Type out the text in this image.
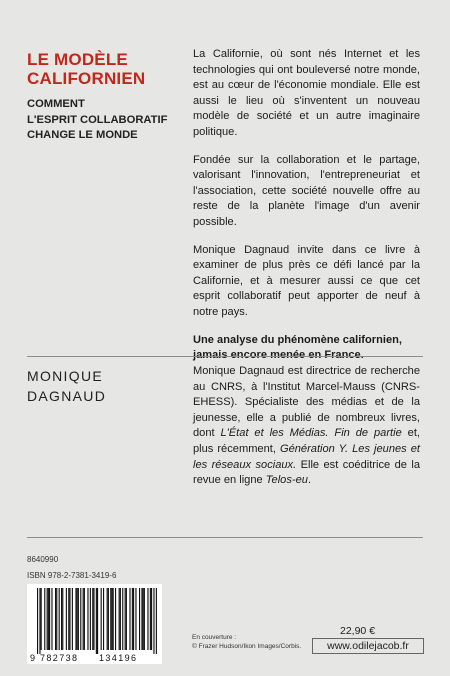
LE MODÈLE
CALIFORNIEN
COMMENT
L'ESPRIT COLLABORATIF
CHANGE LE MONDE

La Californie, où sont nés Internet et les technologies qui ont bouleversé notre monde, est au cœur de l'économie mondiale. Elle est aussi le lieu où s'inventent un nouveau modèle de société et un autre imaginaire politique.

Fondée sur la collaboration et le partage, valorisant l'innovation, l'entrepreneuriat et l'association, cette société nouvelle offre au reste de la planète l'image d'un avenir possible.

Monique Dagnaud invite dans ce livre à examiner de plus près ce défi lancé par la Californie, et à mesurer aussi ce que cet esprit collaboratif peut apporter de neuf à notre pays.

Une analyse du phénomène californien,

MONIQUE
DAGNAUD

Monique Dagnaud est directrice de recherche au CNRS, à l'Institut Marcel-Mauss (CNRS-EHESS). Spécialiste des médias et de la jeunesse, elle a publié de nombreux livres, dont L'État et les Médias. Fin de partie et, plus récemment, Génération Y. Les jeunes et les réseaux sociaux. Elle est coéditrice de la revue en ligne Telos-eu.

8640990
ISBN 978-2-7381-3419-6
9 782738 134196
En couverture :
© Frazer Hudson/Ikon Images/Corbis.
22,90 €
www.odilejacob.fr
